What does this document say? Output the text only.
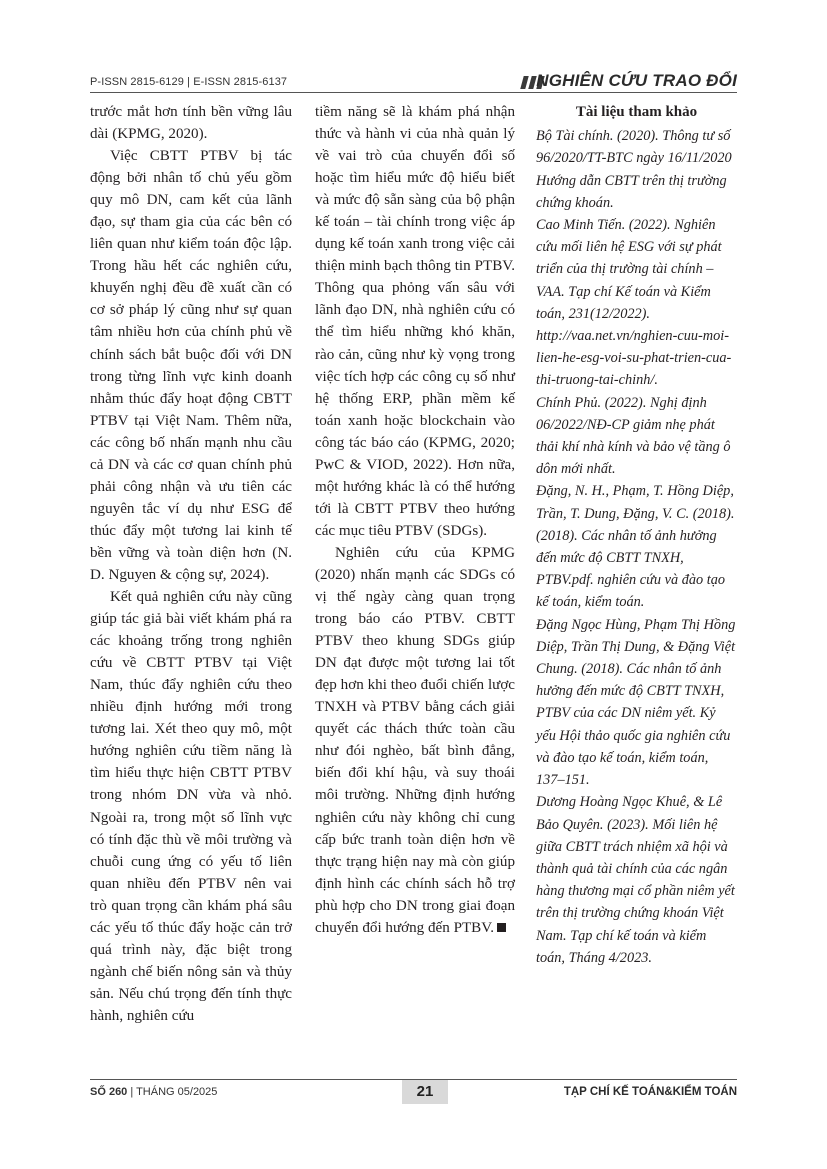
P-ISSN 2815-6129 | E-ISSN 2815-6137	NGHIÊN CỨU TRAO ĐỔI

trước mắt hơn tính bền vững lâu dài (KPMG, 2020).

Việc CBTT PTBV bị tác động bởi nhân tố chủ yếu gồm quy mô DN, cam kết của lãnh đạo, sự tham gia của các bên có liên quan như kiểm toán độc lập. Trong hầu hết các nghiên cứu, khuyến nghị đều đề xuất cần có cơ sở pháp lý cũng như sự quan tâm nhiều hơn của chính phủ về chính sách bắt buộc đối với DN trong từng lĩnh vực kinh doanh nhằm thúc đẩy hoạt động CBTT PTBV tại Việt Nam. Thêm nữa, các công bố nhấn mạnh nhu cầu cả DN và các cơ quan chính phủ phải công nhận và ưu tiên các nguyên tắc ví dụ như ESG để thúc đẩy một tương lai kinh tế bền vững và toàn diện hơn (N. D. Nguyen & cộng sự, 2024).

Kết quả nghiên cứu này cũng giúp tác giả bài viết khám phá ra các khoảng trống trong nghiên cứu về CBTT PTBV tại Việt Nam, thúc đẩy nghiên cứu theo nhiều định hướng mới trong tương lai. Xét theo quy mô, một hướng nghiên cứu tiềm năng là tìm hiểu thực hiện CBTT PTBV trong nhóm DN vừa và nhỏ. Ngoài ra, trong một số lĩnh vực có tính đặc thù về môi trường và chuỗi cung ứng có yếu tố liên quan nhiều đến PTBV nên vai trò quan trọng cần khám phá sâu các yếu tố thúc đẩy hoặc cản trở quá trình này, đặc biệt trong ngành chế biến nông sản và thủy sản. Nếu chú trọng đến tính thực hành, nghiên cứu

tiềm năng sẽ là khám phá nhận thức và hành vi của nhà quản lý về vai trò của chuyển đổi số hoặc tìm hiểu mức độ hiểu biết và mức độ sẵn sàng của bộ phận kế toán – tài chính trong việc áp dụng kế toán xanh trong việc cải thiện minh bạch thông tin PTBV. Thông qua phỏng vấn sâu với lãnh đạo DN, nhà nghiên cứu có thể tìm hiểu những khó khăn, rào cản, cũng như kỳ vọng trong việc tích hợp các công cụ số như hệ thống ERP, phần mềm kế toán xanh hoặc blockchain vào công tác báo cáo (KPMG, 2020; PwC & VIOD, 2022). Hơn nữa, một hướng khác là có thể hướng tới là CBTT PTBV theo hướng các mục tiêu PTBV (SDGs).

Nghiên cứu của KPMG (2020) nhấn mạnh các SDGs có vị thế ngày càng quan trọng trong báo cáo PTBV. CBTT PTBV theo khung SDGs giúp DN đạt được một tương lai tốt đẹp hơn khi theo đuổi chiến lược TNXH và PTBV bằng cách giải quyết các thách thức toàn cầu như đói nghèo, bất bình đẳng, biến đổi khí hậu, và suy thoái môi trường. Những định hướng nghiên cứu này không chỉ cung cấp bức tranh toàn diện hơn về thực trạng hiện nay mà còn giúp định hình các chính sách hỗ trợ phù hợp cho DN trong giai đoạn chuyển đổi hướng đến PTBV.

Tài liệu tham khảo

Bộ Tài chính. (2020). Thông tư số 96/2020/TT-BTC ngày 16/11/2020 Hướng dẫn CBTT trên thị trường chứng khoán.

Cao Minh Tiến. (2022). Nghiên cứu mối liên hệ ESG với sự phát triển của thị trường tài chính – VAA. Tạp chí Kế toán và Kiểm toán, 231(12/2022). http://vaa.net.vn/nghien-cuu-moi-lien-he-esg-voi-su-phat-trien-cua-thi-truong-tai-chinh/.

Chính Phủ. (2022). Nghị định 06/2022/NĐ-CP giảm nhẹ phát thải khí nhà kính và bảo vệ tầng ô dôn mới nhất.

Đặng, N. H., Phạm, T. Hồng Diệp, Trần, T. Dung, Đặng, V. C. (2018). (2018). Các nhân tố ảnh hưởng đến mức độ CBTT TNXH, PTBV.pdf. nghiên cứu và đào tạo kế toán, kiểm toán.

Đặng Ngọc Hùng, Phạm Thị Hồng Diệp, Trần Thị Dung, & Đặng Việt Chung. (2018). Các nhân tố ảnh hưởng đến mức độ CBTT TNXH, PTBV của các DN niêm yết. Kỷ yếu Hội thảo quốc gia nghiên cứu và đào tạo kế toán, kiểm toán, 137–151.

Dương Hoàng Ngọc Khuê, & Lê Bảo Quyên. (2023). Mối liên hệ giữa CBTT trách nhiệm xã hội và thành quả tài chính của các ngân hàng thương mại cổ phần niêm yết trên thị trường chứng khoán Việt Nam. Tạp chí kế toán và kiểm toán, Tháng 4/2023.

SỐ 260 | THÁNG 05/2025	21	TẠP CHÍ KẾ TOÁN&KIỂM TOÁN
